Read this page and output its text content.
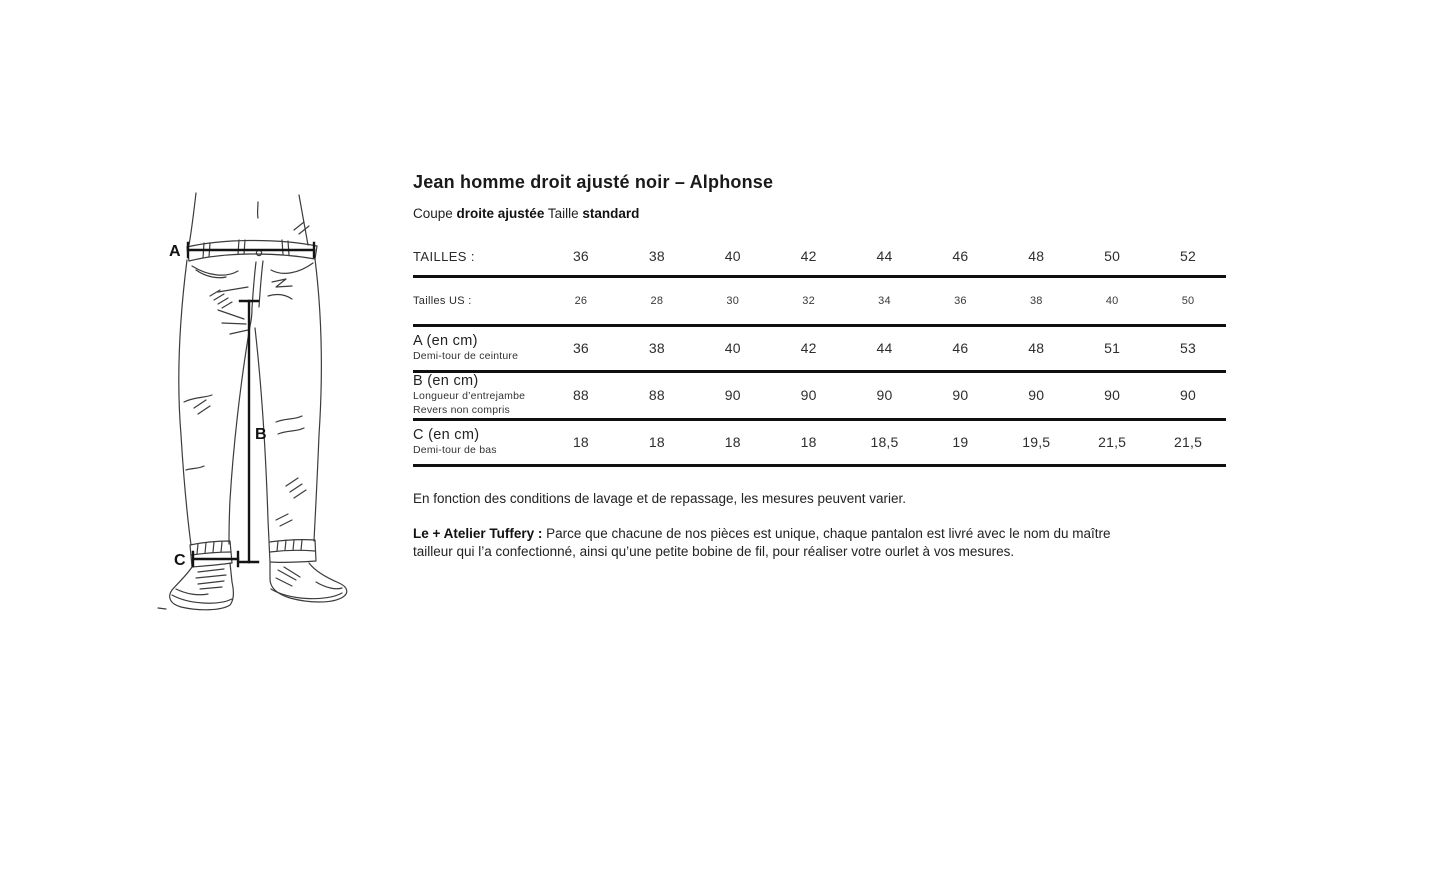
A
B
C
Jean homme droit ajusté noir – Alphonse

Coupe droite ajustée Taille standard

TAILLES :	36	38	40	42	44	46	48	50	52
Tailles US :	26	28	30	32	34	36	38	40	50
A (en cm)
Demi-tour de ceinture	36	38	40	42	44	46	48	51	53
B (en cm)
Longueur d’entrejambe
Revers non compris
88	88	90	90	90	90	90	90	90
C (en cm)
Demi-tour de bas	18	18	18	18	18,5	19	19,5	21,5	21,5

En fonction des conditions de lavage et de repassage, les mesures peuvent varier.

Le + Atelier Tuffery : Parce que chacune de nos pièces est unique, chaque pantalon est livré avec le nom du maître tailleur qui l’a confectionné, ainsi qu’une petite bobine de fil, pour réaliser votre ourlet à vos mesures.
